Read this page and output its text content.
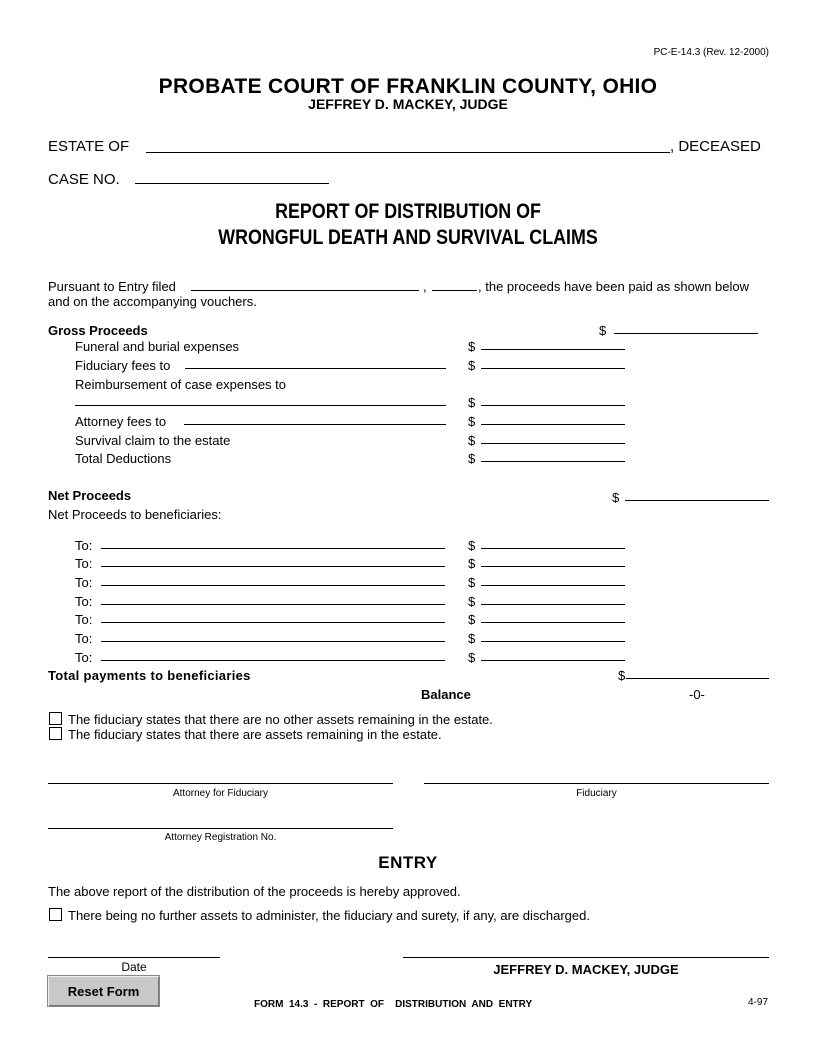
PC-E-14.3 (Rev. 12-2000)
PROBATE COURT OF FRANKLIN COUNTY, OHIO
JEFFREY D. MACKEY, JUDGE
ESTATE OF	, DECEASED
CASE NO.
REPORT OF DISTRIBUTION OF
WRONGFUL DEATH AND SURVIVAL CLAIMS
Pursuant to Entry filed	,	, the proceeds have been paid as shown below
and on the accompanying vouchers.
Gross Proceeds	$
Funeral and burial expenses	$
Fiduciary fees to	$
Reimbursement of case expenses to
$
Attorney fees to	$
Survival claim to the estate	$
Total Deductions	$
Net Proceeds	$
Net Proceeds to beneficiaries:
To:	$
To:	$
To:	$
To:	$
To:	$
To:	$
To:	$
Total payments to beneficiaries	$
Balance	-0-
The fiduciary states that there are no other assets remaining in the estate.
The fiduciary states that there are assets remaining in the estate.
Attorney for Fiduciary	Fiduciary
Attorney Registration No.
ENTRY
The above report of the distribution of the proceeds is hereby approved.
There being no further assets to administer, the fiduciary and surety, if any, are discharged.
Date	JEFFREY D. MACKEY, JUDGE
Reset Form
FORM  14.3  -  REPORT  OF    DISTRIBUTION  AND  ENTRY	4-97
